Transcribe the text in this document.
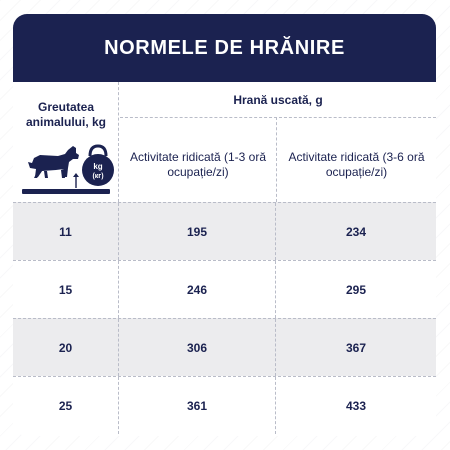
NORMELE DE HRĂNIRE
Greutatea animalului, kg
kg
(кг)
Hrană uscată, g
Activitate ridicată (1-3 oră ocupație/zi)
Activitate ridicată (3-6 oră ocupație/zi)
11	195	234
15	246	295
20	306	367
25	361	433
